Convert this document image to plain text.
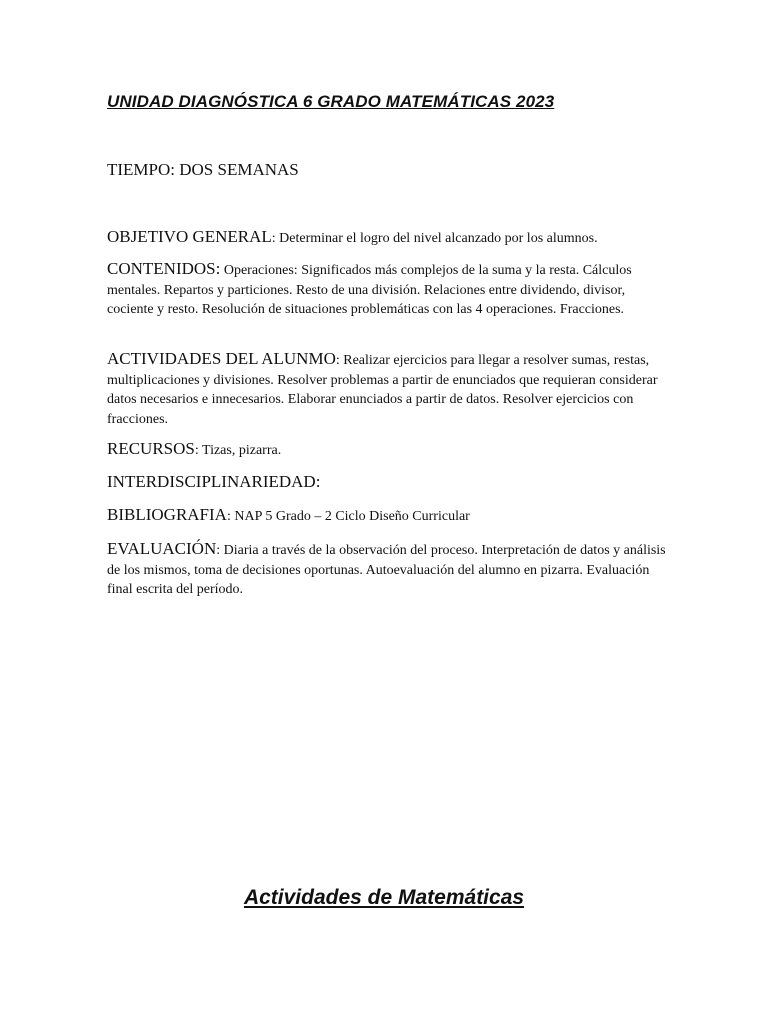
UNIDAD DIAGNÓSTICA 6 GRADO MATEMÁTICAS 2023

TIEMPO: DOS SEMANAS

OBJETIVO GENERAL: Determinar el logro del nivel alcanzado por los alumnos.

CONTENIDOS: Operaciones: Significados más complejos de la suma y la resta. Cálculos mentales. Repartos y particiones. Resto de una división. Relaciones entre dividendo, divisor, cociente y resto. Resolución de situaciones problemáticas con las 4 operaciones. Fracciones.

ACTIVIDADES DEL ALUNMO: Realizar ejercicios para llegar a resolver sumas, restas, multiplicaciones y divisiones. Resolver problemas a partir de enunciados que requieran considerar datos necesarios e innecesarios. Elaborar enunciados a partir de datos. Resolver ejercicios con fracciones.

RECURSOS: Tizas, pizarra.

INTERDISCIPLINARIEDAD:

BIBLIOGRAFIA: NAP 5 Grado – 2 Ciclo Diseño Curricular

EVALUACIÓN: Diaria a través de la observación del proceso. Interpretación de datos y análisis de los mismos, toma de decisiones oportunas. Autoevaluación del alumno en pizarra. Evaluación final escrita del período.

Actividades de Matemáticas
